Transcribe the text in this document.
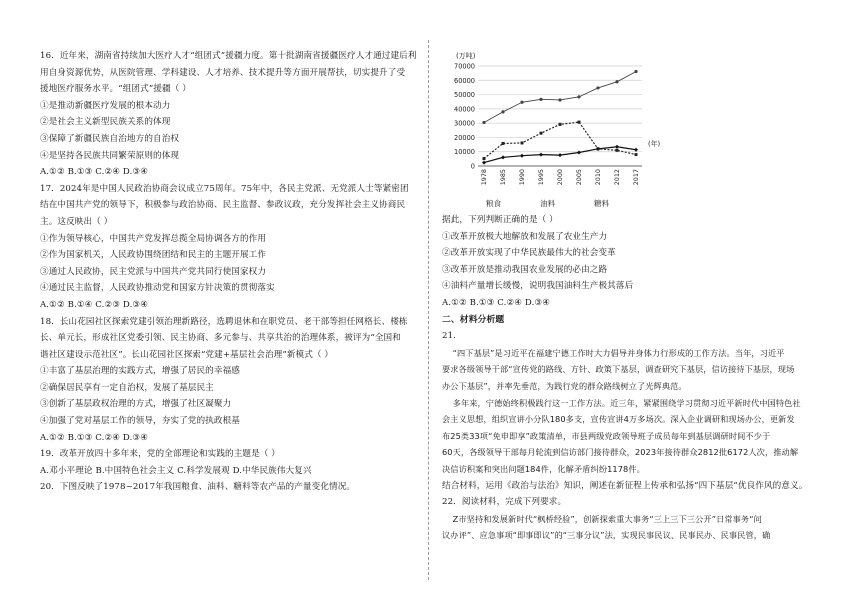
16．近年来，湖南省持续加大医疗人才“组团式”援疆力度。第十批湖南省援疆医疗人才通过建后利

用自身资源优势，从医院管理、学科建设、人才培养、技术提升等方面开展帮扶，切实提升了受

援地医疗服务水平。“组团式”援疆（ ）

①是推动新疆医疗发展的根本动力

②是社会主义新型民族关系的体现

③保障了新疆民族自治地方的自治权

④是坚持各民族共同繁荣原则的体现

A.①② B.①③ C.②④ D.③④

17．2024年是中国人民政治协商会议成立75周年。75年中，各民主党派、无党派人士等紧密团

结在中国共产党的领导下，积极参与政治协商、民主监督、参政议政，充分发挥社会主义协商民

主。这反映出（ ）

①作为领导核心，中国共产党发挥总揽全局协调各方的作用

②作为国家机关，人民政协围绕团结和民主的主题开展工作

③通过人民政协，民主党派与中国共产党共同行使国家权力

④通过民主监督，人民政协推动党和国家方针决策的贯彻落实

A.①② B.①④ C.②③ D.③④

18．长山花园社区探索党建引领治理新路径，选聘退休和在职党员、老干部等担任网格长、楼栋

长、单元长，形成社区党委引领、民主协商、多元参与、共享共治的治理体系，被评为“全国和

谐社区建设示范社区”。长山花园社区探索“党建+基层社会治理”新模式（ ）

①丰富了基层治理的实践方式，增强了居民的幸福感

②确保居民享有一定自治权，发展了基层民主

③创新了基层政权治理的方式，增强了社区凝聚力

④加强了党对基层工作的领导，夯实了党的执政根基

A.①② B.①③ C.②④ D.③④

19．改革开放四十多年来，党的全部理论和实践的主题是（ ）

A.邓小平理论 B.中国特色社会主义 C.科学发展观 D.中华民族伟大复兴

20．下图反映了1978~2017年我国粮食、油料、糖料等农产品的产量变化情况。

(万吨)
0
10000
20000
30000
40000
50000
60000
70000
1978 1985 1990 1995 2000 2005 2010 2012 2017
(年)
粮食	油料	糖料

据此，下列判断正确的是（ ）

①改革开放极大地解放和发展了农业生产力

②改革开放实现了中华民族最伟大的社会变革

③改革开放是推动我国农业发展的必由之路

④油料产量增长缓慢，说明我国油料生产极其落后

A.①② B.①③ C.②④ D.③④

二、材料分析题

21.

“四下基层”是习近平在福建宁德工作时大力倡导并身体力行形成的工作方法。当年，习近平

要求各级领导干部“宣传党的路线、方针、政策下基层，调查研究下基层，信访接待下基层，现场

办公下基层”，并率先垂范，为践行党的群众路线树立了光辉典范。

多年来，宁德始终积极践行这一工作方法。近三年，紧紧围绕学习贯彻习近平新时代中国特色社

会主义思想，组织宣讲小分队180多支，宣传宣讲4万多场次。深入企业调研和现场办公，更新发

布25类33项“免申即享”政策清单，市县两级党政领导班子成员每年到基层调研时间不少于

60天，各级领导干部每月轮流到信访部门接待群众，2023年接待群众2812批6172人次，推动解

决信访积案和突出问题184件，化解矛盾纠纷1178件。

结合材料，运用《政治与法治》知识，阐述在新征程上传承和弘扬“四下基层”优良作风的意义。

22．阅读材料，完成下列要求。

Z市坚持和发展新时代“枫桥经验”，创新探索重大事务“三上三下三公开”日常事务“问

议办评”、应急事项“即事即议”的“三事分议”法，实现民事民议、民事民办、民事民管，确
